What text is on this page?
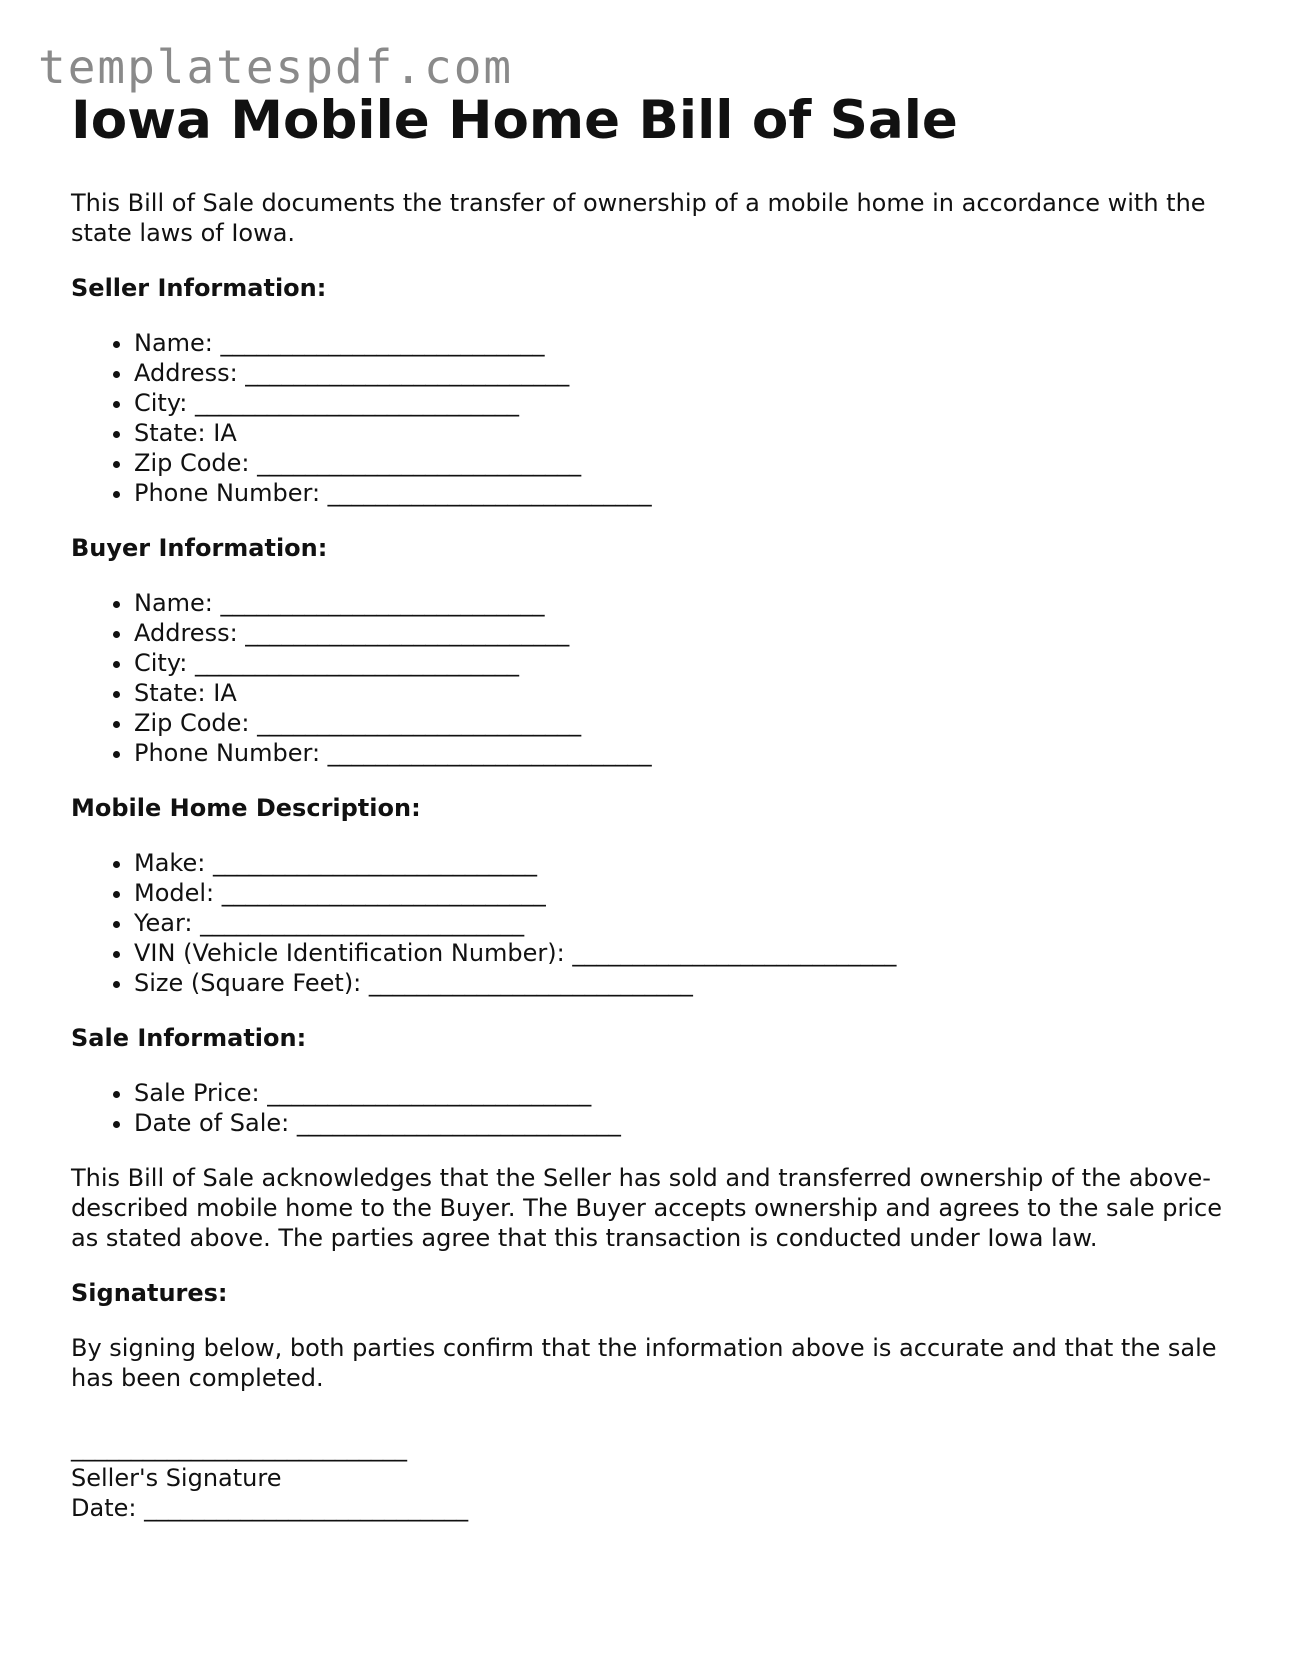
templatespdf.com
Iowa Mobile Home Bill of Sale

This Bill of Sale documents the transfer of ownership of a mobile home in accordance with the state laws of Iowa.

Seller Information:
• Name: ___________________________
• Address: ___________________________
• City: ___________________________
• State: IA
• Zip Code: ___________________________
• Phone Number: ___________________________
Buyer Information:
• Name: ___________________________
• Address: ___________________________
• City: ___________________________
• State: IA
• Zip Code: ___________________________
• Phone Number: ___________________________
Mobile Home Description:
• Make: ___________________________
• Model: ___________________________
• Year: ___________________________
• VIN (Vehicle Identification Number): ___________________________
• Size (Square Feet): ___________________________
Sale Information:
• Sale Price: ___________________________
• Date of Sale: ___________________________

This Bill of Sale acknowledges that the Seller has sold and transferred ownership of the above-described mobile home to the Buyer. The Buyer accepts ownership and agrees to the sale price as stated above. The parties agree that this transaction is conducted under Iowa law.

Signatures:

By signing below, both parties confirm that the information above is accurate and that the sale has been completed.

____________________________
Seller's Signature
Date: ___________________________
